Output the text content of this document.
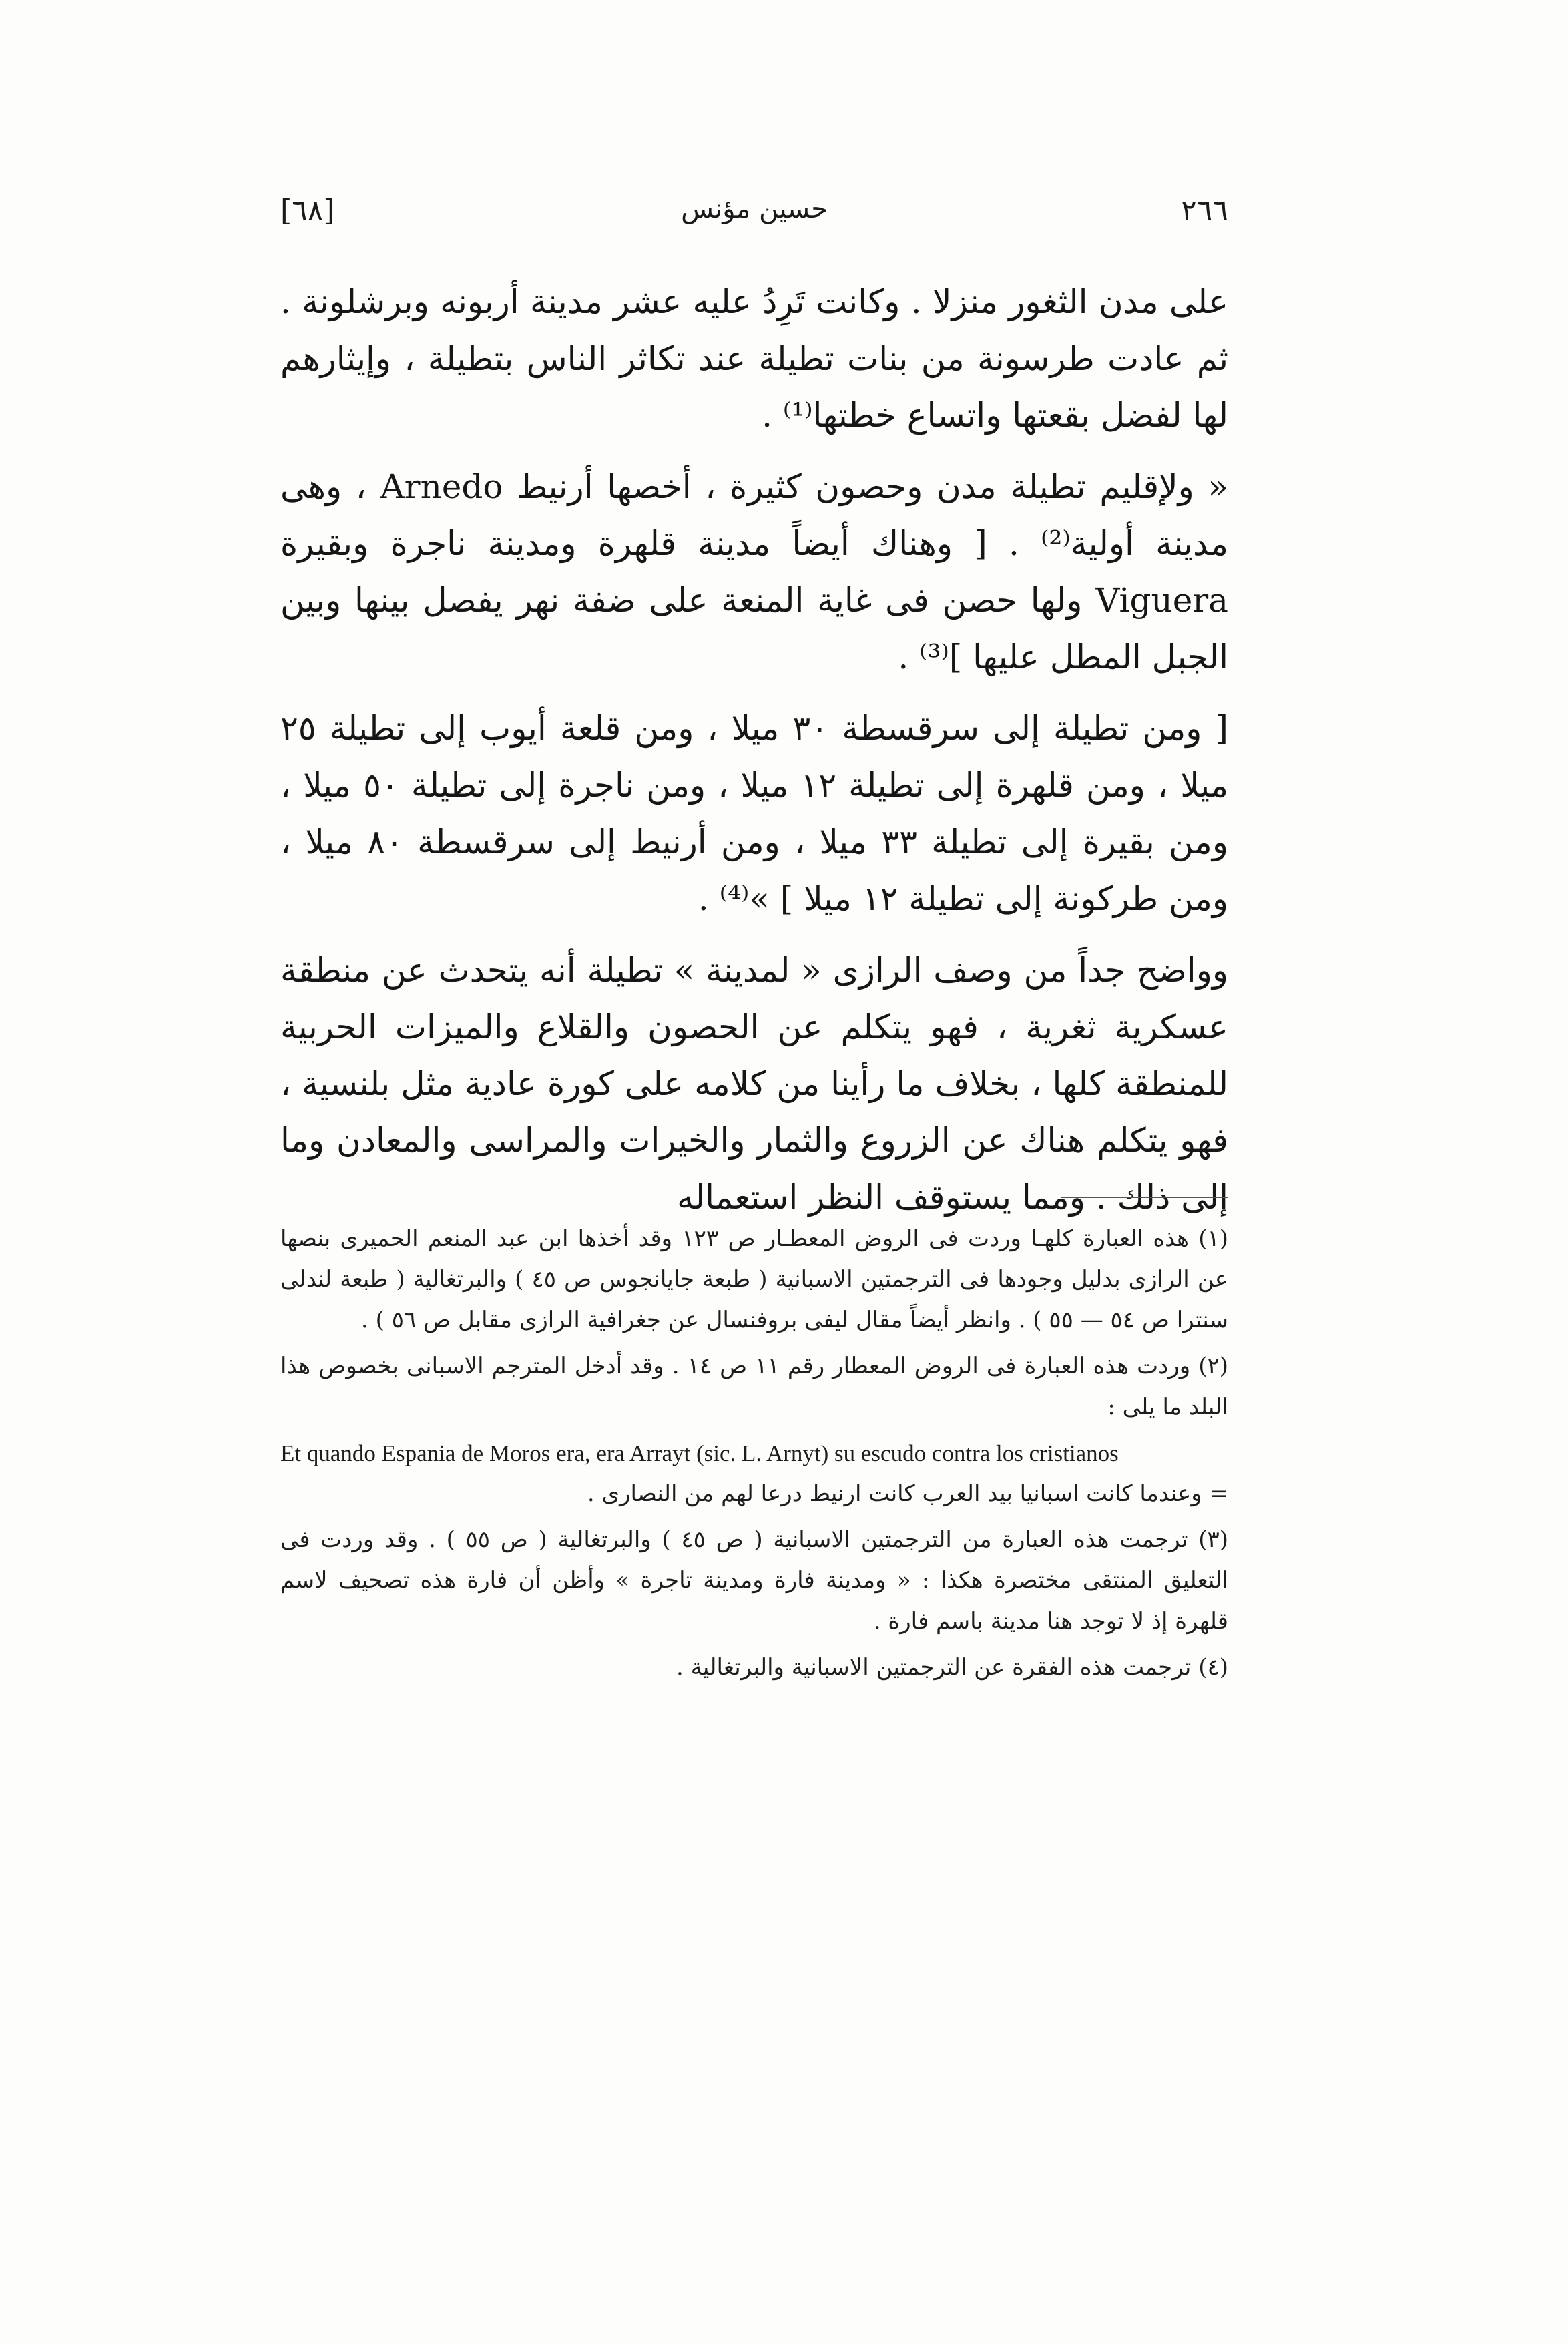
[٦٨]	حسين مؤنس	٢٦٦

على مدن الثغور منزلا . وكانت تَرِدُ عليه عشر مدينة أربونه وبرشلونة . ثم عادت طرسونة من بنات تطيلة عند تكاثر الناس بتطيلة ، وإيثارهم لها لفضل بقعتها واتساع خطتها⁽¹⁾ .

« ولإقليم تطيلة مدن وحصون كثيرة ، أخصها أرنيط Arnedo ، وهى مدينة أولية⁽²⁾ . [ وهناك أيضاً مدينة قلهرة ومدينة ناجرة وبقيرة Viguera ولها حصن فى غاية المنعة على ضفة نهر يفصل بينها وبين الجبل المطل عليها ]⁽³⁾ .

[ ومن تطيلة إلى سرقسطة ٣٠ ميلا ، ومن قلعة أيوب إلى تطيلة ٢٥ ميلا ، ومن قلهرة إلى تطيلة ١٢ ميلا ، ومن ناجرة إلى تطيلة ٥٠ ميلا ، ومن بقيرة إلى تطيلة ٣٣ ميلا ، ومن أرنيط إلى سرقسطة ٨٠ ميلا ، ومن طركونة إلى تطيلة ١٢ ميلا ] »⁽⁴⁾ .

وواضح جداً من وصف الرازى « لمدينة » تطيلة أنه يتحدث عن منطقة عسكرية ثغرية ، فهو يتكلم عن الحصون والقلاع والميزات الحربية للمنطقة كلها ، بخلاف ما رأينا من كلامه على كورة عادية مثل بلنسية ، فهو يتكلم هناك عن الزروع والثمار والخيرات والمراسى والمعادن وما إلى ذلك . ومما يستوقف النظر استعماله

(١) هذه العبارة كلهـا وردت فى الروض المعطـار ص ١٢٣ وقد أخذها ابن عبد المنعم الحميرى بنصها عن الرازى بدليل وجودها فى الترجمتين الاسبانية ( طبعة جايانجوس ص ٤٥ ) والبرتغالية ( طبعة لندلى سنترا ص ٥٤ — ٥٥ ) . وانظر أيضاً مقال ليفى بروفنسال عن جغرافية الرازى مقابل ص ٥٦ ) .

(٢) وردت هذه العبارة فى الروض المعطار رقم ١١ ص ١٤ . وقد أدخل المترجم الاسبانى بخصوص هذا البلد ما يلى :

Et quando Espania de Moros era, era Arrayt (sic. L. Arnyt) su escudo contra los cristianos

= وعندما كانت اسبانيا بيد العرب كانت ارنيط درعا لهم من النصارى .

(٣) ترجمت هذه العبارة من الترجمتين الاسبانية ( ص ٤٥ ) والبرتغالية ( ص ٥٥ ) . وقد وردت فى التعليق المنتقى مختصرة هكذا : « ومدينة فارة ومدينة تاجرة » وأظن أن فارة هذه تصحيف لاسم قلهرة إذ لا توجد هنا مدينة باسم فارة .

(٤) ترجمت هذه الفقرة عن الترجمتين الاسبانية والبرتغالية .
